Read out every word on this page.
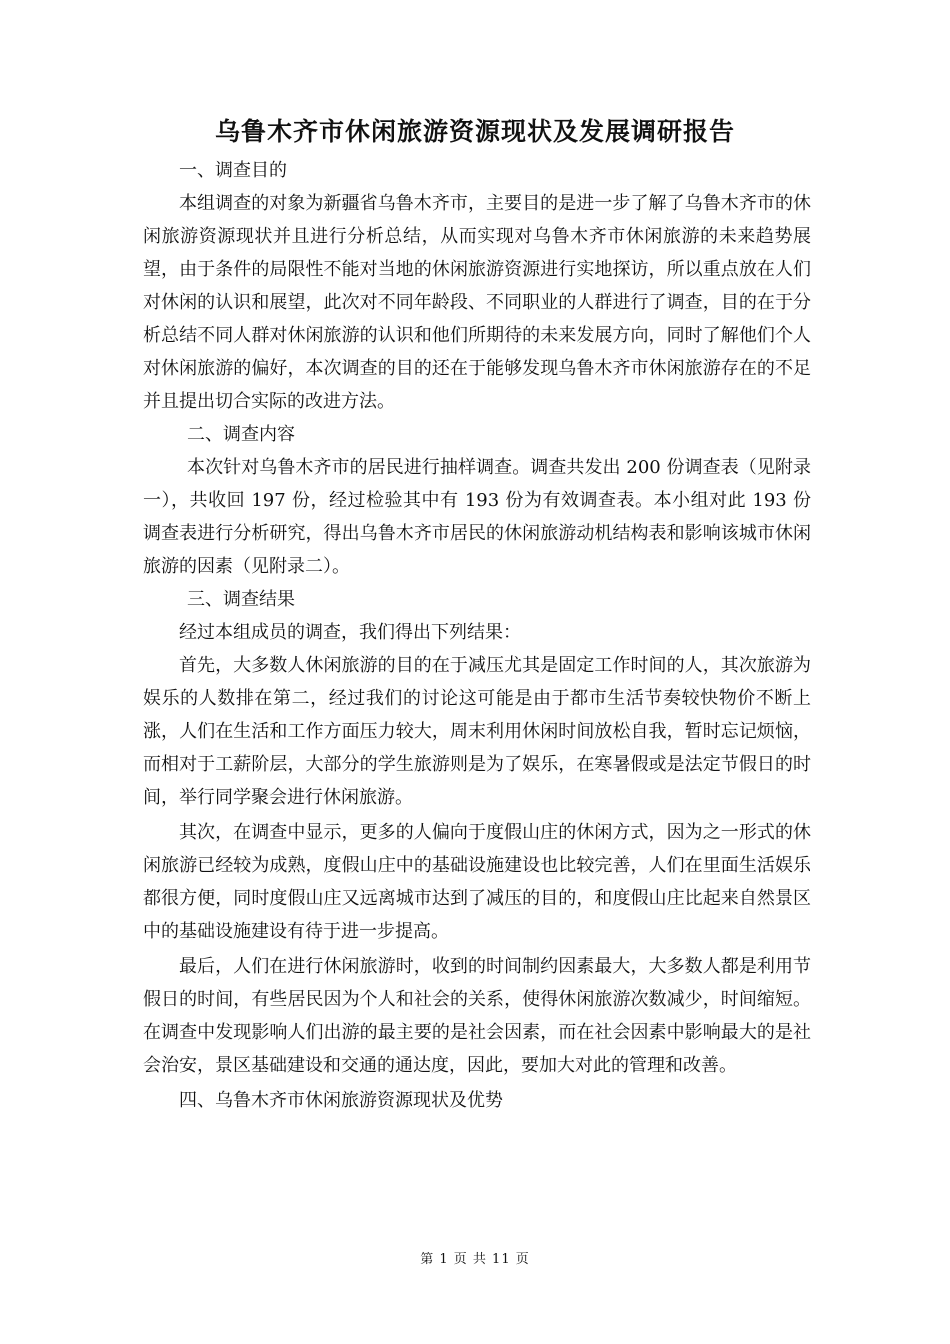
乌鲁木齐市休闲旅游资源现状及发展调研报告

一、调查目的

本组调查的对象为新疆省乌鲁木齐市，主要目的是进一步了解了乌鲁木齐市的休闲旅游资源现状并且进行分析总结，从而实现对乌鲁木齐市休闲旅游的未来趋势展望，由于条件的局限性不能对当地的休闲旅游资源进行实地探访，所以重点放在人们对休闲的认识和展望，此次对不同年龄段、不同职业的人群进行了调查，目的在于分析总结不同人群对休闲旅游的认识和他们所期待的未来发展方向，同时了解他们个人对休闲旅游的偏好，本次调查的目的还在于能够发现乌鲁木齐市休闲旅游存在的不足并且提出切合实际的改进方法。

二、调查内容

本次针对乌鲁木齐市的居民进行抽样调查。调查共发出 200 份调查表（见附录一），共收回 197 份，经过检验其中有 193 份为有效调查表。本小组对此 193 份调查表进行分析研究，得出乌鲁木齐市居民的休闲旅游动机结构表和影响该城市休闲旅游的因素（见附录二）。

三、调查结果

经过本组成员的调查，我们得出下列结果：

首先，大多数人休闲旅游的目的在于减压尤其是固定工作时间的人，其次旅游为娱乐的人数排在第二，经过我们的讨论这可能是由于都市生活节奏较快物价不断上涨，人们在生活和工作方面压力较大，周末利用休闲时间放松自我，暂时忘记烦恼，而相对于工薪阶层，大部分的学生旅游则是为了娱乐，在寒暑假或是法定节假日的时间，举行同学聚会进行休闲旅游。

其次，在调查中显示，更多的人偏向于度假山庄的休闲方式，因为之一形式的休闲旅游已经较为成熟，度假山庄中的基础设施建设也比较完善，人们在里面生活娱乐都很方便，同时度假山庄又远离城市达到了减压的目的，和度假山庄比起来自然景区中的基础设施建设有待于进一步提高。

最后，人们在进行休闲旅游时，收到的时间制约因素最大，大多数人都是利用节假日的时间，有些居民因为个人和社会的关系，使得休闲旅游次数减少，时间缩短。在调查中发现影响人们出游的最主要的是社会因素，而在社会因素中影响最大的是社会治安，景区基础建设和交通的通达度，因此，要加大对此的管理和改善。

四、乌鲁木齐市休闲旅游资源现状及优势

第 1 页 共 11 页
